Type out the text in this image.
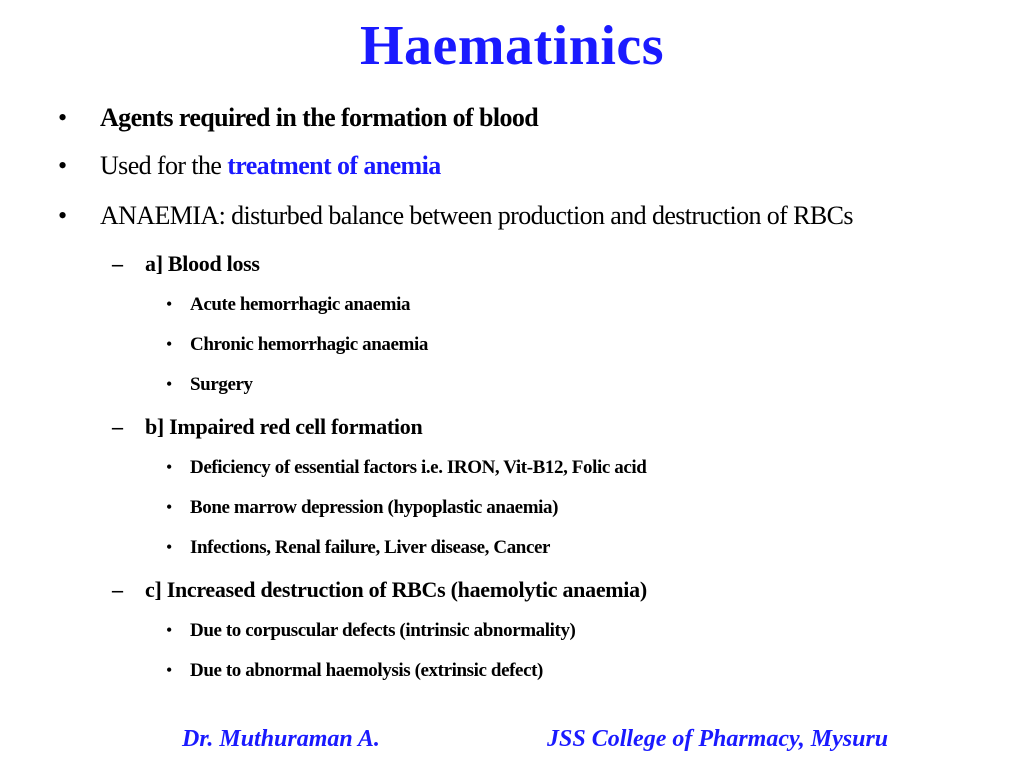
Haematinics
• Agents required in the formation of blood
• Used for the treatment of anemia
• ANAEMIA: disturbed balance between production and destruction of RBCs
– a] Blood loss
• Acute hemorrhagic anaemia
• Chronic hemorrhagic anaemia
• Surgery
– b] Impaired red cell formation
• Deficiency of essential factors i.e. IRON, Vit-B12, Folic acid
• Bone marrow depression (hypoplastic anaemia)
• Infections, Renal failure, Liver disease, Cancer
– c] Increased destruction of RBCs (haemolytic anaemia)
• Due to corpuscular defects (intrinsic abnormality)
• Due to abnormal haemolysis (extrinsic defect)
Dr. Muthuraman A.	JSS College of Pharmacy, Mysuru
